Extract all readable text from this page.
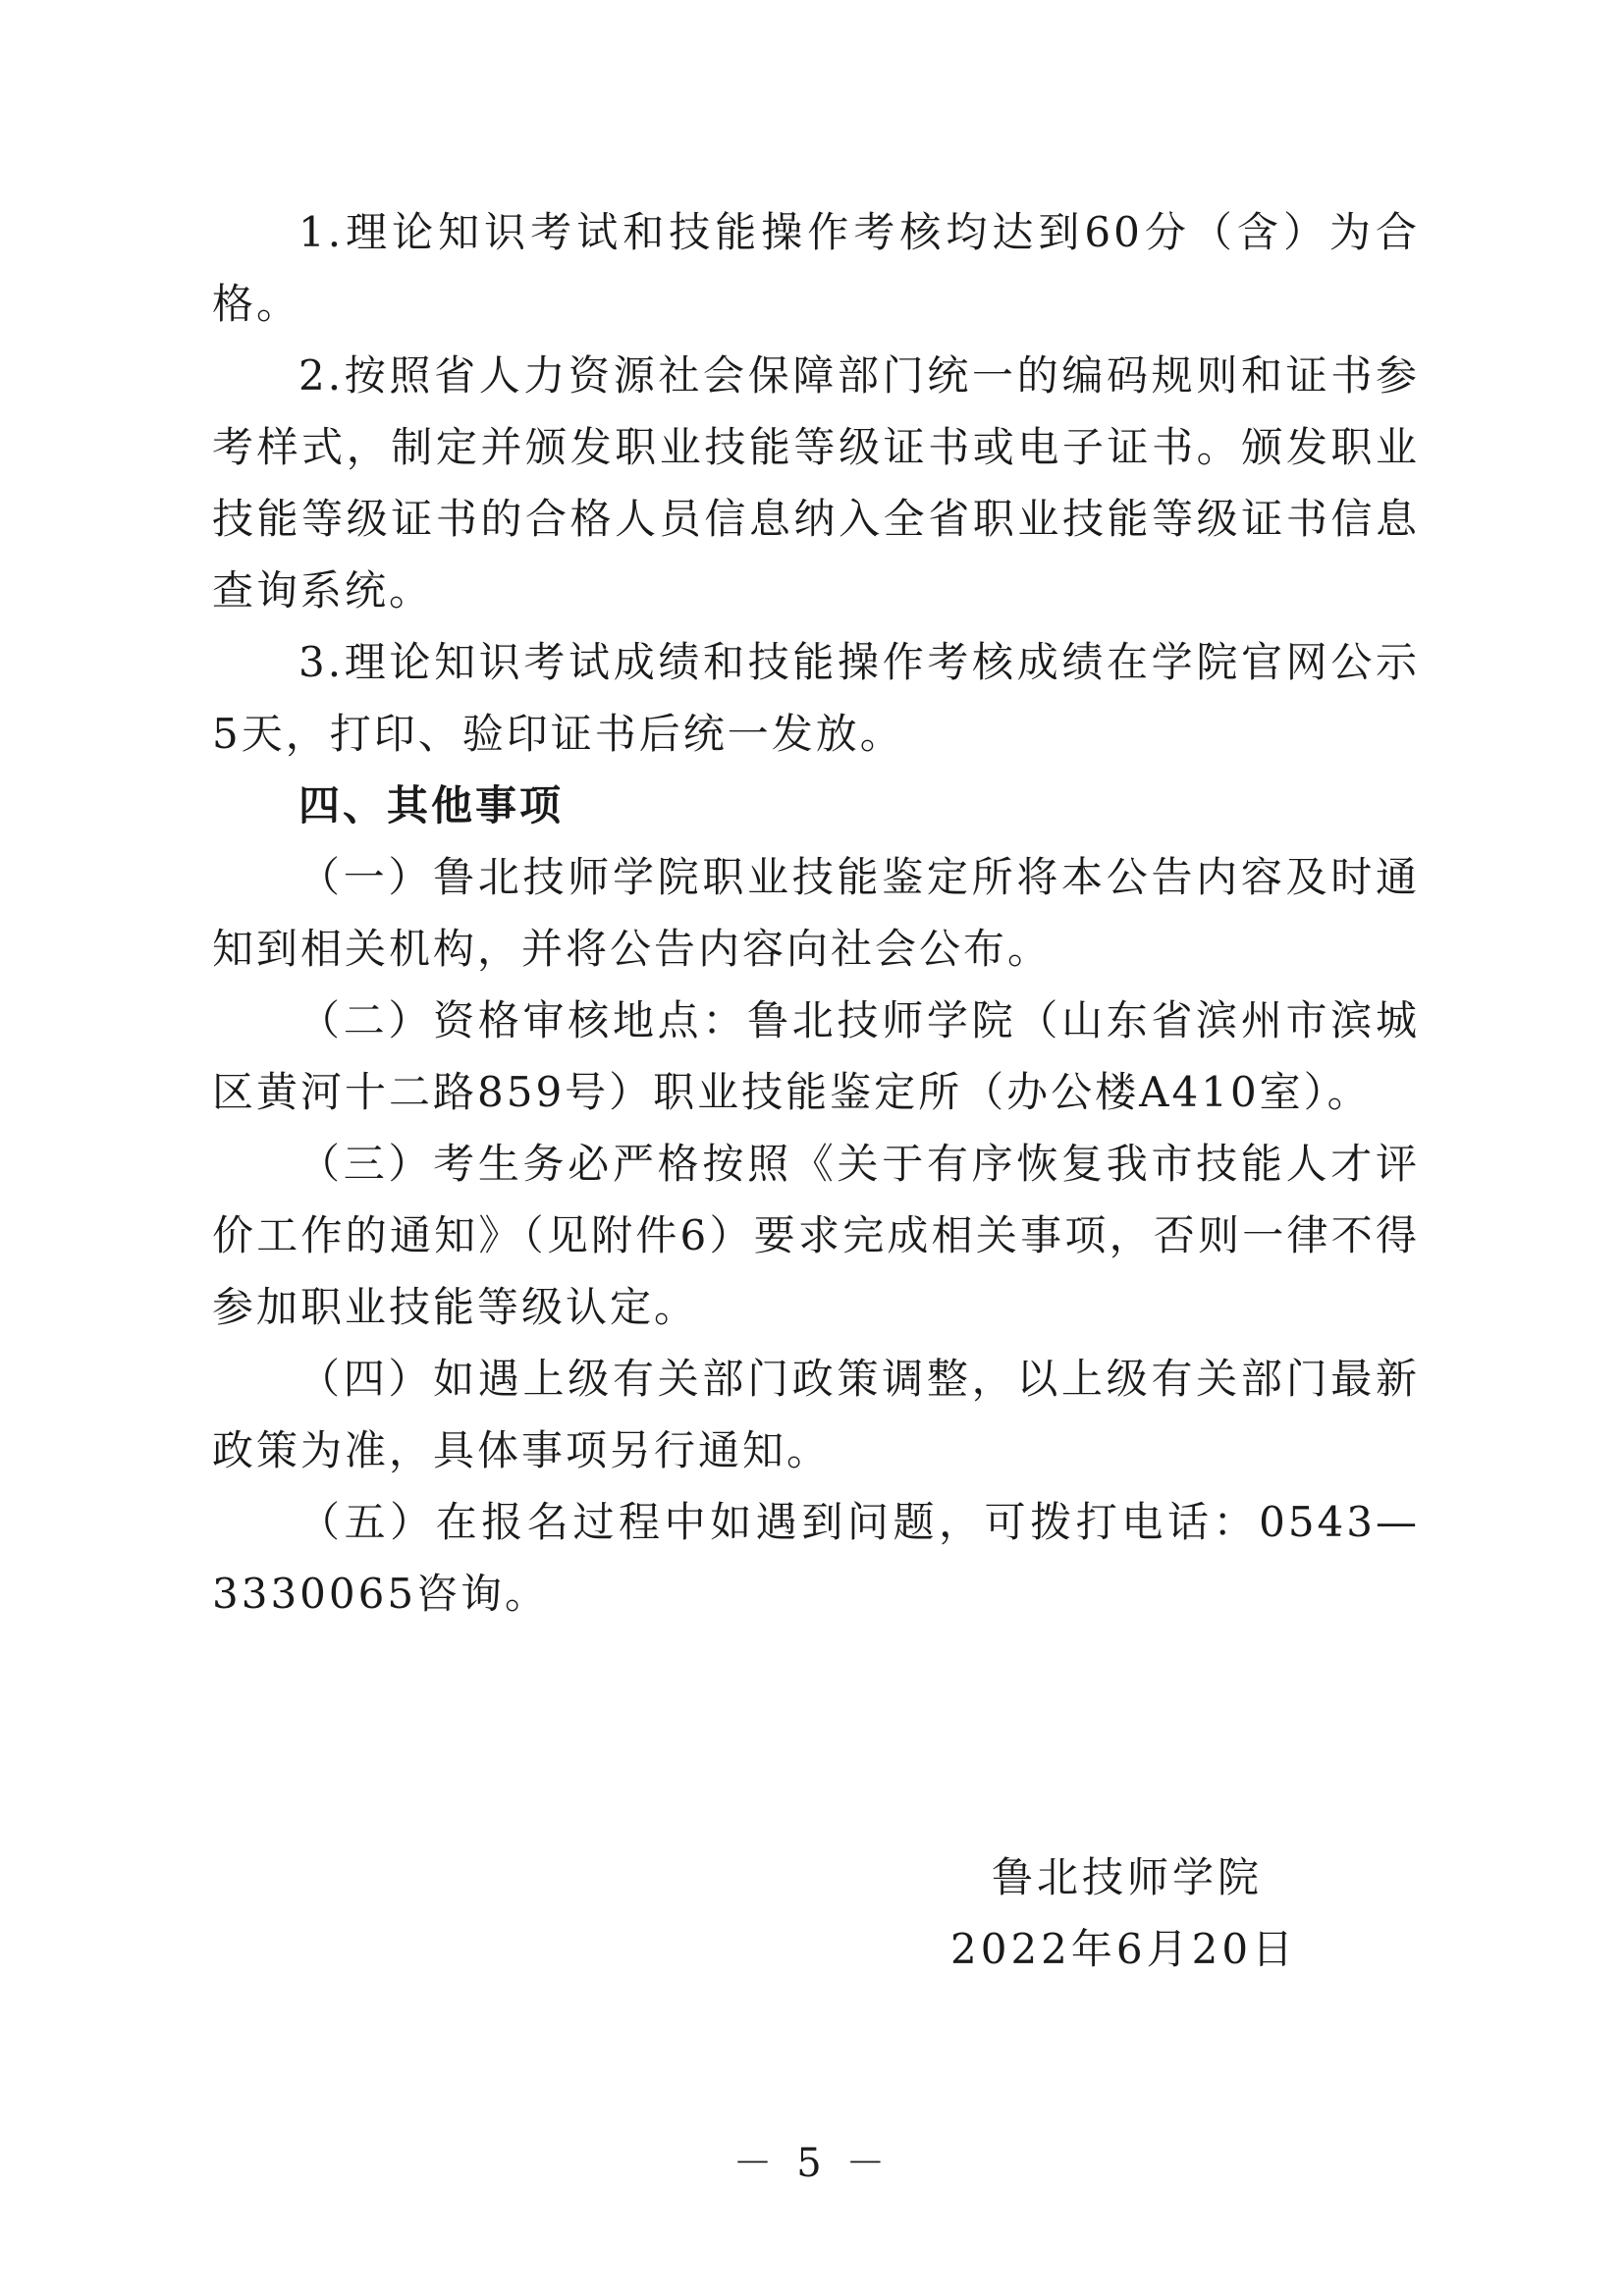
1.理论知识考试和技能操作考核均达到60分（含）为合格。

2.按照省人力资源社会保障部门统一的编码规则和证书参考样式，制定并颁发职业技能等级证书或电子证书。颁发职业技能等级证书的合格人员信息纳入全省职业技能等级证书信息查询系统。

3.理论知识考试成绩和技能操作考核成绩在学院官网公示5天，打印、验印证书后统一发放。

四、其他事项

（一）鲁北技师学院职业技能鉴定所将本公告内容及时通知到相关机构，并将公告内容向社会公布。

（二）资格审核地点：鲁北技师学院（山东省滨州市滨城区黄河十二路859号）职业技能鉴定所（办公楼A410室）。

（三）考生务必严格按照《关于有序恢复我市技能人才评价工作的通知》（见附件6）要求完成相关事项，否则一律不得参加职业技能等级认定。

（四）如遇上级有关部门政策调整，以上级有关部门最新政策为准，具体事项另行通知。

（五）在报名过程中如遇到问题，可拨打电话：0543—3330065咨询。

鲁北技师学院
2022年6月20日
－ 5 －
